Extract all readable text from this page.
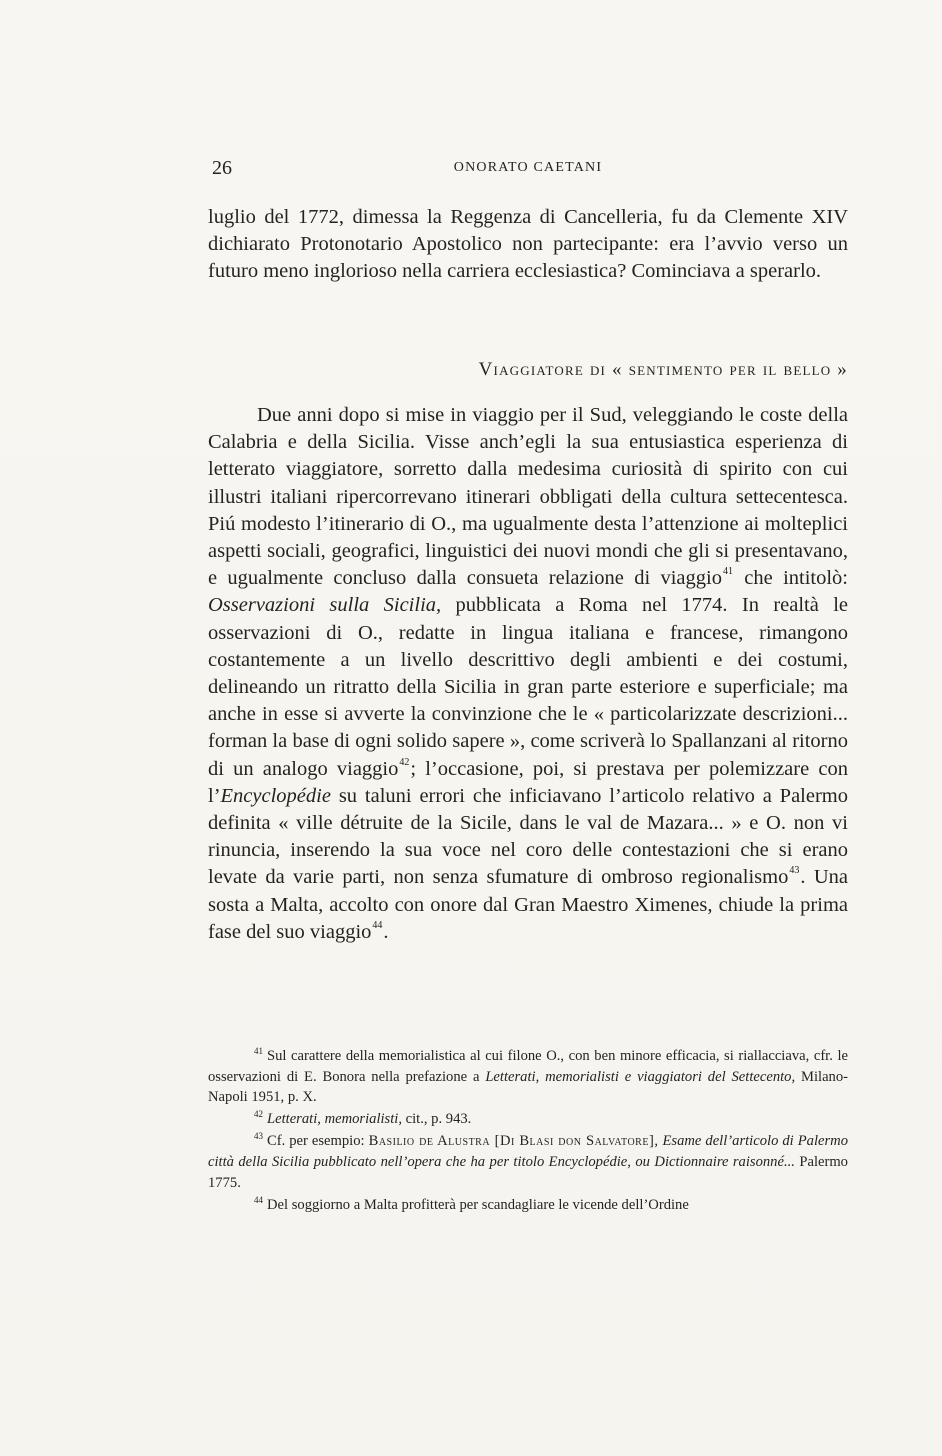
26	ONORATO CAETANI

luglio del 1772, dimessa la Reggenza di Cancelleria, fu da Clemente XIV dichiarato Protonotario Apostolico non partecipante: era l’avvio verso un futuro meno inglorioso nella carriera ecclesiastica? Cominciava a sperarlo.

Viaggiatore di « sentimento per il bello »

Due anni dopo si mise in viaggio per il Sud, veleggiando le coste della Calabria e della Sicilia. Visse anch’egli la sua entusiastica esperienza di letterato viaggiatore, sorretto dalla medesima curiosità di spirito con cui illustri italiani ripercorrevano itinerari obbligati della cultura settecentesca. Piú modesto l’itinerario di O., ma ugualmente desta l’attenzione ai molteplici aspetti sociali, geografici, linguistici dei nuovi mondi che gli si presentavano, e ugualmente concluso dalla consueta relazione di viaggio$^{41}$ che intitolò: Osservazioni sulla Sicilia, pubblicata a Roma nel 1774. In realtà le osservazioni di O., redatte in lingua italiana e francese, rimangono costantemente a un livello descrittivo degli ambienti e dei costumi, delineando un ritratto della Sicilia in gran parte esteriore e superficiale; ma anche in esse si avverte la convinzione che le « particolarizzate descrizioni... forman la base di ogni solido sapere », come scriverà lo Spallanzani al ritorno di un analogo viaggio$^{42}$; l’occasione, poi, si prestava per polemizzare con l’Encyclopédie su taluni errori che inficiavano l’articolo relativo a Palermo definita « ville détruite de la Sicile, dans le val de Mazara... » e O. non vi rinuncia, inserendo la sua voce nel coro delle contestazioni che si erano levate da varie parti, non senza sfumature di ombroso regionalismo$^{43}$. Una sosta a Malta, accolto con onore dal Gran Maestro Ximenes, chiude la prima fase del suo viaggio$^{44}$.

$^{41}$ Sul carattere della memorialistica al cui filone O., con ben minore efficacia, si riallacciava, cfr. le osservazioni di E. Bonora nella prefazione a Letterati, memorialisti e viaggiatori del Settecento, Milano-Napoli 1951, p. X.

$^{42}$ Letterati, memorialisti, cit., p. 943.

$^{43}$ Cf. per esempio: Basilio de Alustra [Di Blasi don Salvatore], Esame dell’articolo di Palermo città della Sicilia pubblicato nell’opera che ha per titolo Encyclopédie, ou Dictionnaire raisonné... Palermo 1775.

$^{44}$ Del soggiorno a Malta profitterà per scandagliare le vicende dell’Ordine
